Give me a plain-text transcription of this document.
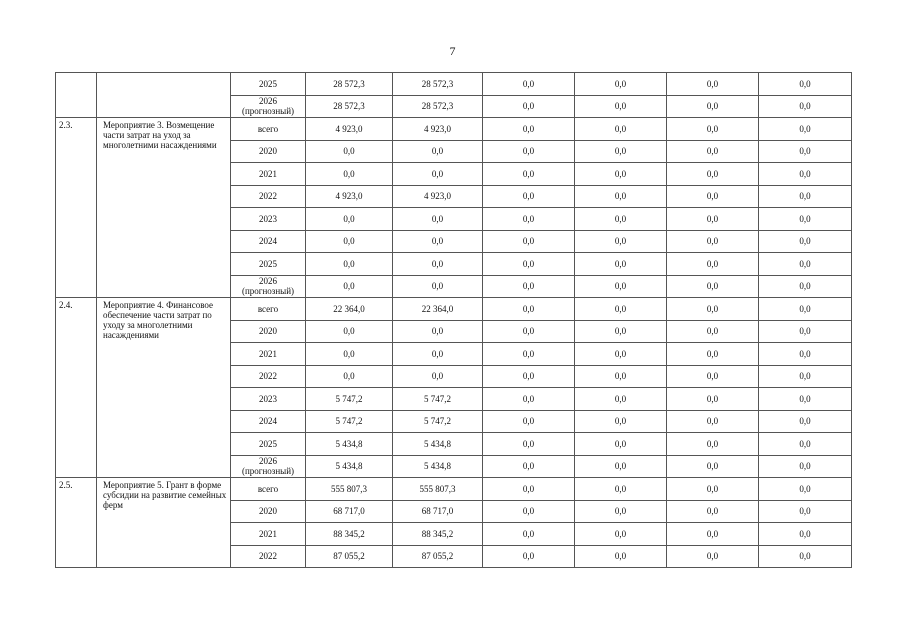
7
		2025	28 572,3	28 572,3	0,0	0,0	0,0	0,0
		2026 (прогнозный)	28 572,3	28 572,3	0,0	0,0	0,0	0,0
2.3.	Мероприятие 3. Возмещение части затрат на уход за многолетними насаждениями	всего	4 923,0	4 923,0	0,0	0,0	0,0	0,0
		2020	0,0	0,0	0,0	0,0	0,0	0,0
		2021	0,0	0,0	0,0	0,0	0,0	0,0
		2022	4 923,0	4 923,0	0,0	0,0	0,0	0,0
		2023	0,0	0,0	0,0	0,0	0,0	0,0
		2024	0,0	0,0	0,0	0,0	0,0	0,0
		2025	0,0	0,0	0,0	0,0	0,0	0,0
		2026 (прогнозный)	0,0	0,0	0,0	0,0	0,0	0,0
2.4.	Мероприятие 4. Финансовое обеспечение части затрат по уходу за многолетними насаждениями	всего	22 364,0	22 364,0	0,0	0,0	0,0	0,0
		2020	0,0	0,0	0,0	0,0	0,0	0,0
		2021	0,0	0,0	0,0	0,0	0,0	0,0
		2022	0,0	0,0	0,0	0,0	0,0	0,0
		2023	5 747,2	5 747,2	0,0	0,0	0,0	0,0
		2024	5 747,2	5 747,2	0,0	0,0	0,0	0,0
		2025	5 434,8	5 434,8	0,0	0,0	0,0	0,0
		2026 (прогнозный)	5 434,8	5 434,8	0,0	0,0	0,0	0,0
2.5.	Мероприятие 5. Грант в форме субсидии на развитие семейных ферм	всего	555 807,3	555 807,3	0,0	0,0	0,0	0,0
		2020	68 717,0	68 717,0	0,0	0,0	0,0	0,0
		2021	88 345,2	88 345,2	0,0	0,0	0,0	0,0
		2022	87 055,2	87 055,2	0,0	0,0	0,0	0,0
